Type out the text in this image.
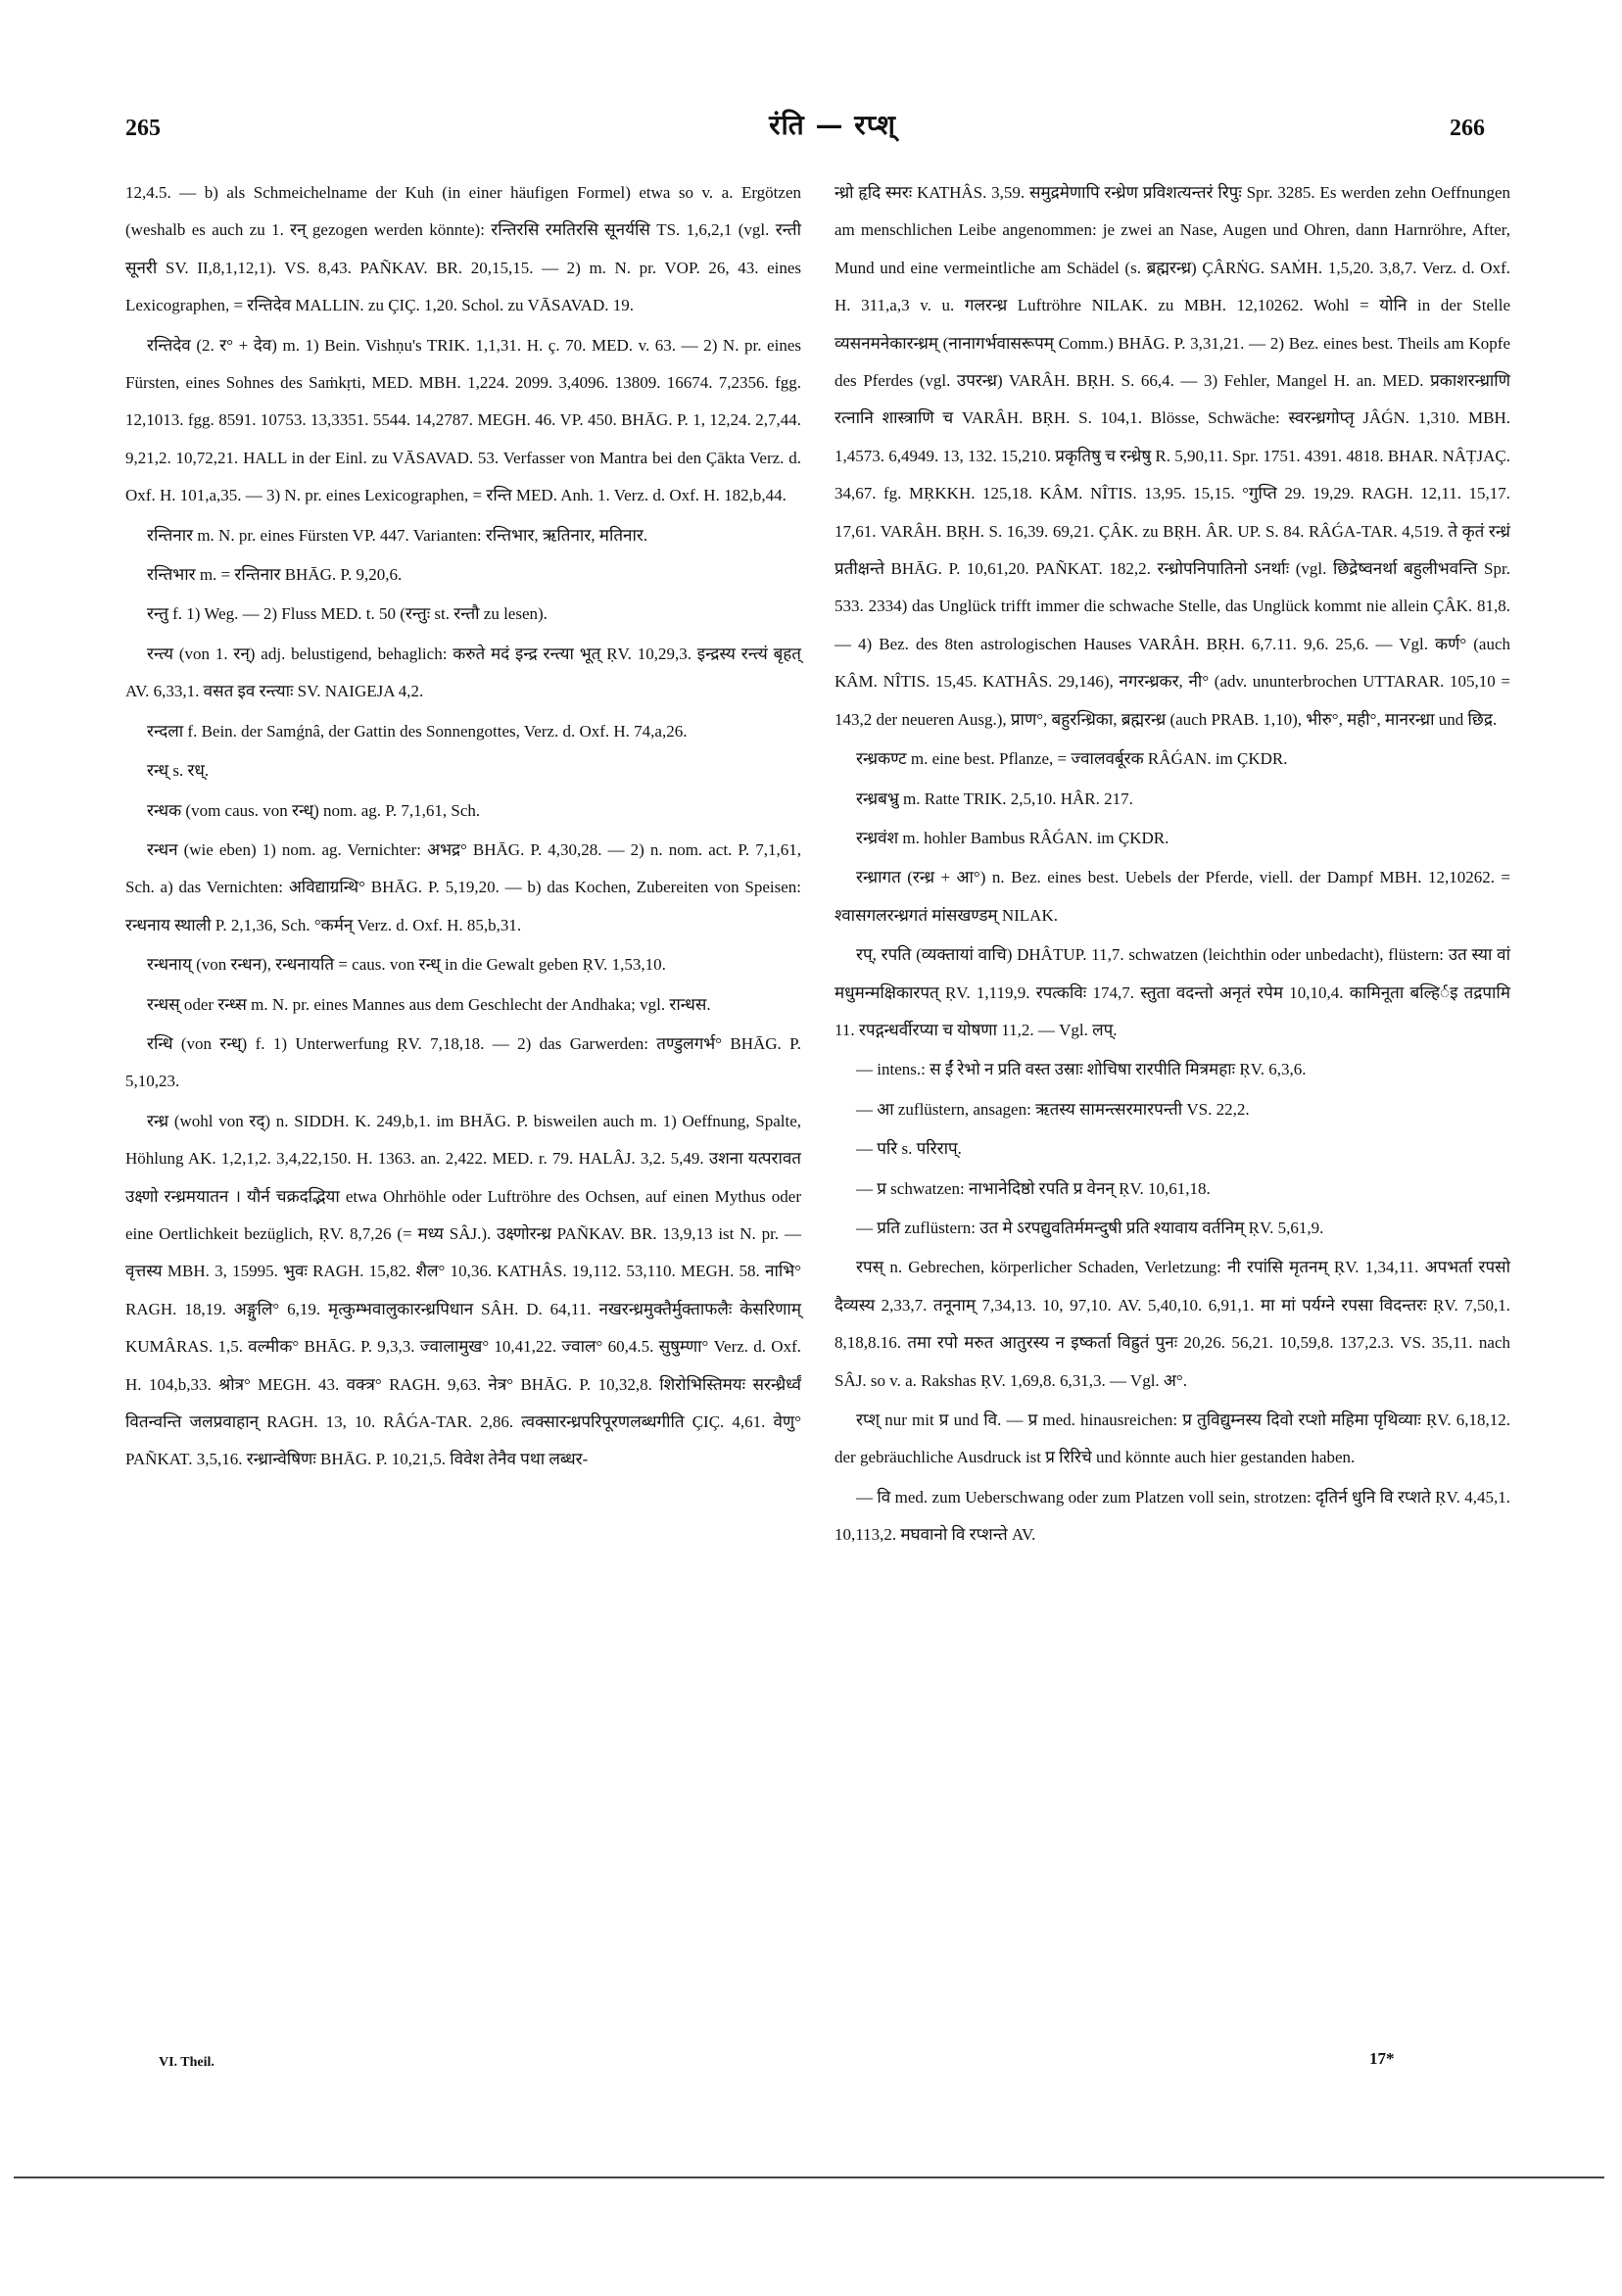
265	रंति — रप्श्	266

12,4.5. — b) als Schmeichelname der Kuh (in einer häufigen Formel) etwa so v. a. Ergötzen (weshalb es auch zu 1. रन् gezogen werden könnte): रन्तिरसि रमतिरसि सूनर्यसि TS. 1,6,2,1 (vgl. रन्ती सूनरी SV. II,8,1,12,1). VS. 8,43. PAÑKAV. BR. 20,15,15. — 2) m. N. pr. VOP. 26, 43. eines Lexicographen, = रन्तिदेव MALLIN. zu ÇIÇ. 1,20. Schol. zu VĀSAVAD. 19.

रन्तिदेव (2. र° + देव) m. 1) Bein. Vishṇu's TRIK. 1,1,31. H. ç. 70. MED. v. 63. — 2) N. pr. eines Fürsten, eines Sohnes des Saṁkṛti, MED. MBH. 1,224. 2099. 3,4096. 13809. 16674. 7,2356. fgg. 12,1013. fgg. 8591. 10753. 13,3351. 5544. 14,2787. MEGH. 46. VP. 450. BHĀG. P. 1, 12,24. 2,7,44. 9,21,2. 10,72,21. HALL in der Einl. zu VĀSAVAD. 53. Verfasser von Mantra bei den Çākta Verz. d. Oxf. H. 101,a,35. — 3) N. pr. eines Lexicographen, = रन्ति MED. Anh. 1. Verz. d. Oxf. H. 182,b,44.

रन्तिनार m. N. pr. eines Fürsten VP. 447. Varianten: रन्तिभार, ऋतिनार, मतिनार.

रन्तिभार m. = रन्तिनार BHĀG. P. 9,20,6.

रन्तु f. 1) Weg. — 2) Fluss MED. t. 50 (रन्तुः st. रन्तौ zu lesen).

रन्त्य (von 1. रन्) adj. belustigend, behaglich: करुते मदं इन्द्र रन्त्या भूत् ṚV. 10,29,3. इन्द्रस्य रन्त्यं बृहत् AV. 6,33,1. वसत इव रन्त्याः SV. NAIGEJA 4,2.

रन्दला f. Bein. der Samǵnâ, der Gattin des Sonnengottes, Verz. d. Oxf. H. 74,a,26.

रन्ध् s. रध्.

रन्धक (vom caus. von रन्ध्) nom. ag. P. 7,1,61, Sch.

रन्धन (wie eben) 1) nom. ag. Vernichter: अभद्र° BHĀG. P. 4,30,28. — 2) n. nom. act. P. 7,1,61, Sch. a) das Vernichten: अविद्याग्रन्थि° BHĀG. P. 5,19,20. — b) das Kochen, Zubereiten von Speisen: रन्धनाय स्थाली P. 2,1,36, Sch. °कर्मन् Verz. d. Oxf. H. 85,b,31.

रन्धनाय् (von रन्धन), रन्धनायति = caus. von रन्ध् in die Gewalt geben ṚV. 1,53,10.

रन्धस् oder रन्ध्स m. N. pr. eines Mannes aus dem Geschlecht der Andhaka; vgl. रान्धस.

रन्धि (von रन्ध्) f. 1) Unterwerfung ṚV. 7,18,18. — 2) das Garwerden: तण्डुलगर्भ° BHĀG. P. 5,10,23.

रन्ध्र (wohl von रद्) n. SIDDH. K. 249,b,1. im BHĀG. P. bisweilen auch m. 1) Oeffnung, Spalte, Höhlung AK. 1,2,1,2. 3,4,22,150. H. 1363. an. 2,422. MED. r. 79. HALÂJ. 3,2. 5,49. उशना यत्परावत उक्ष्णो रन्ध्रमयातन । यौर्न चक्रदद्भिया etwa Ohrhöhle oder Luftröhre des Ochsen, auf einen Mythus oder eine Oertlichkeit bezüglich, ṚV. 8,7,26 (= मध्य SÂJ.). उक्ष्णोरन्ध्र PAÑKAV. BR. 13,9,13 ist N. pr. — वृत्तस्य MBH. 3, 15995. भुवः RAGH. 15,82. शैल° 10,36. KATHÂS. 19,112. 53,110. MEGH. 58. नाभि° RAGH. 18,19. अङ्गुलि° 6,19. मृत्कुम्भवालुकारन्ध्रपिधान SÂH. D. 64,11. नखरन्ध्रमुक्तैर्मुक्ताफलैः केसरिणाम् KUMÂRAS. 1,5. वल्मीक° BHĀG. P. 9,3,3. ज्वालामुख° 10,41,22. ज्वाल° 60,4.5. सुषुम्णा° Verz. d. Oxf. H. 104,b,33. श्रोत्र° MEGH. 43. वक्त्र° RAGH. 9,63. नेत्र° BHĀG. P. 10,32,8. शिरोभिस्तिमयः सरन्ध्रैर्ध्वं वितन्वन्ति जलप्रवाहान् RAGH. 13, 10. RÂǴA-TAR. 2,86. त्वक्सारन्ध्रपरिपूरणलब्धगीति ÇIÇ. 4,61. वेणु° PAÑKAT. 3,5,16. रन्ध्रान्वेषिणः BHĀG. P. 10,21,5. विवेश तेनैव पथा लब्धर-

न्ध्रो हृदि स्मरः KATHÂS. 3,59. समुद्रमेणापि रन्ध्रेण प्रविशत्यन्तरं रिपुः Spr. 3285. Es werden zehn Oeffnungen am menschlichen Leibe angenommen: je zwei an Nase, Augen und Ohren, dann Harnröhre, After, Mund und eine vermeintliche am Schädel (s. ब्रह्मरन्ध्र) ÇÂRṄG. SAṀH. 1,5,20. 3,8,7. Verz. d. Oxf. H. 311,a,3 v. u. गलरन्ध्र Luftröhre NILAK. zu MBH. 12,10262. Wohl = योनि in der Stelle व्यसनमनेकारन्ध्रम् (नानागर्भवासरूपम् Comm.) BHĀG. P. 3,31,21. — 2) Bez. eines best. Theils am Kopfe des Pferdes (vgl. उपरन्ध्र) VARÂH. BṚH. S. 66,4. — 3) Fehler, Mangel H. an. MED. प्रकाशरन्ध्राणि रत्नानि शास्त्राणि च VARÂH. BṚH. S. 104,1. Blösse, Schwäche: स्वरन्ध्रगोप्तृ JÂǴN. 1,310. MBH. 1,4573. 6,4949. 13, 132. 15,210. प्रकृतिषु च रन्ध्रेषु R. 5,90,11. Spr. 1751. 4391. 4818. BHAR. NÂṬJAÇ. 34,67. fg. MṚKKH. 125,18. KÂM. NÎTIS. 13,95. 15,15. °गुप्ति 29. 19,29. RAGH. 12,11. 15,17. 17,61. VARÂH. BṚH. S. 16,39. 69,21. ÇÂK. zu BṚH. ÂR. UP. S. 84. RÂǴA-TAR. 4,519. ते कृतं रन्ध्रं प्रतीक्षन्ते BHĀG. P. 10,61,20. PAÑKAT. 182,2. रन्ध्रोपनिपातिनो ऽनर्थाः (vgl. छिद्रेष्वनर्था बहुलीभवन्ति Spr. 533. 2334) das Unglück trifft immer die schwache Stelle, das Unglück kommt nie allein ÇÂK. 81,8. — 4) Bez. des 8ten astrologischen Hauses VARÂH. BṚH. 6,7.11. 9,6. 25,6. — Vgl. कर्ण° (auch KÂM. NÎTIS. 15,45. KATHÂS. 29,146), नगरन्ध्रकर, नी° (adv. ununterbrochen UTTARAR. 105,10 = 143,2 der neueren Ausg.), प्राण°, बहुरन्ध्रिका, ब्रह्मरन्ध्र (auch PRAB. 1,10), भीरु°, मही°, मानरन्ध्रा und छिद्र.

रन्ध्रकण्ट m. eine best. Pflanze, = ज्वालवर्बूरक RÂǴAN. im ÇKDR.

रन्ध्रबभ्रु m. Ratte TRIK. 2,5,10. HÂR. 217.

रन्ध्रवंश m. hohler Bambus RÂǴAN. im ÇKDR.

रन्ध्रागत (रन्ध्र + आ°) n. Bez. eines best. Uebels der Pferde, viell. der Dampf MBH. 12,10262. = श्वासगलरन्ध्रगतं मांसखण्डम् NILAK.

रप्, रपति (व्यक्तायां वाचि) DHÂTUP. 11,7. schwatzen (leichthin oder unbedacht), flüstern: उत स्या वां मधुमन्मक्षिकारपत् ṚV. 1,119,9. रपत्कविः 174,7. स्तुता वदन्तो अनृतं रपेम 10,10,4. कामिनूता बल्हिर्इ तद्रपामि 11. रपद्गन्धर्वीरप्या च योषणा 11,2. — Vgl. लप्.

— intens.: स ईं रेभो न प्रति वस्त उस्राः शोचिषा रारपीति मित्रमहाः ṚV. 6,3,6.

— आ zuflüstern, ansagen: ऋतस्य सामन्त्सरमारपन्ती VS. 22,2.

— परि s. परिराप्.

— प्र schwatzen: नाभानेदिष्ठो रपति प्र वेनन् ṚV. 10,61,18.

— प्रति zuflüstern: उत मे ऽरपद्युवतिर्ममन्दुषी प्रति श्यावाय वर्तनिम् ṚV. 5,61,9.

रपस् n. Gebrechen, körperlicher Schaden, Verletzung: नी रपांसि मृतनम् ṚV. 1,34,11. अपभर्ता रपसो दैव्यस्य 2,33,7. तनूनाम् 7,34,13. 10, 97,10. AV. 5,40,10. 6,91,1. मा मां पर्यग्ने रपसा विदन्तरः ṚV. 7,50,1. 8,18,8.16. तमा रपो मरुत आतुरस्य न इष्कर्ता विह्रुतं पुनः 20,26. 56,21. 10,59,8. 137,2.3. VS. 35,11. nach SÂJ. so v. a. Rakshas ṚV. 1,69,8. 6,31,3. — Vgl. अ°.

रप्श् nur mit प्र und वि. — प्र med. hinausreichen: प्र तुविद्युम्नस्य दिवो रप्शो महिमा पृथिव्याः ṚV. 6,18,12. der gebräuchliche Ausdruck ist प्र रिरिचे und könnte auch hier gestanden haben.

— वि med. zum Ueberschwang oder zum Platzen voll sein, strotzen: दृतिर्न धुनि वि रप्शते ṚV. 4,45,1. 10,113,2. मघवानो वि रप्शन्ते AV.

VI. Theil.	17*
